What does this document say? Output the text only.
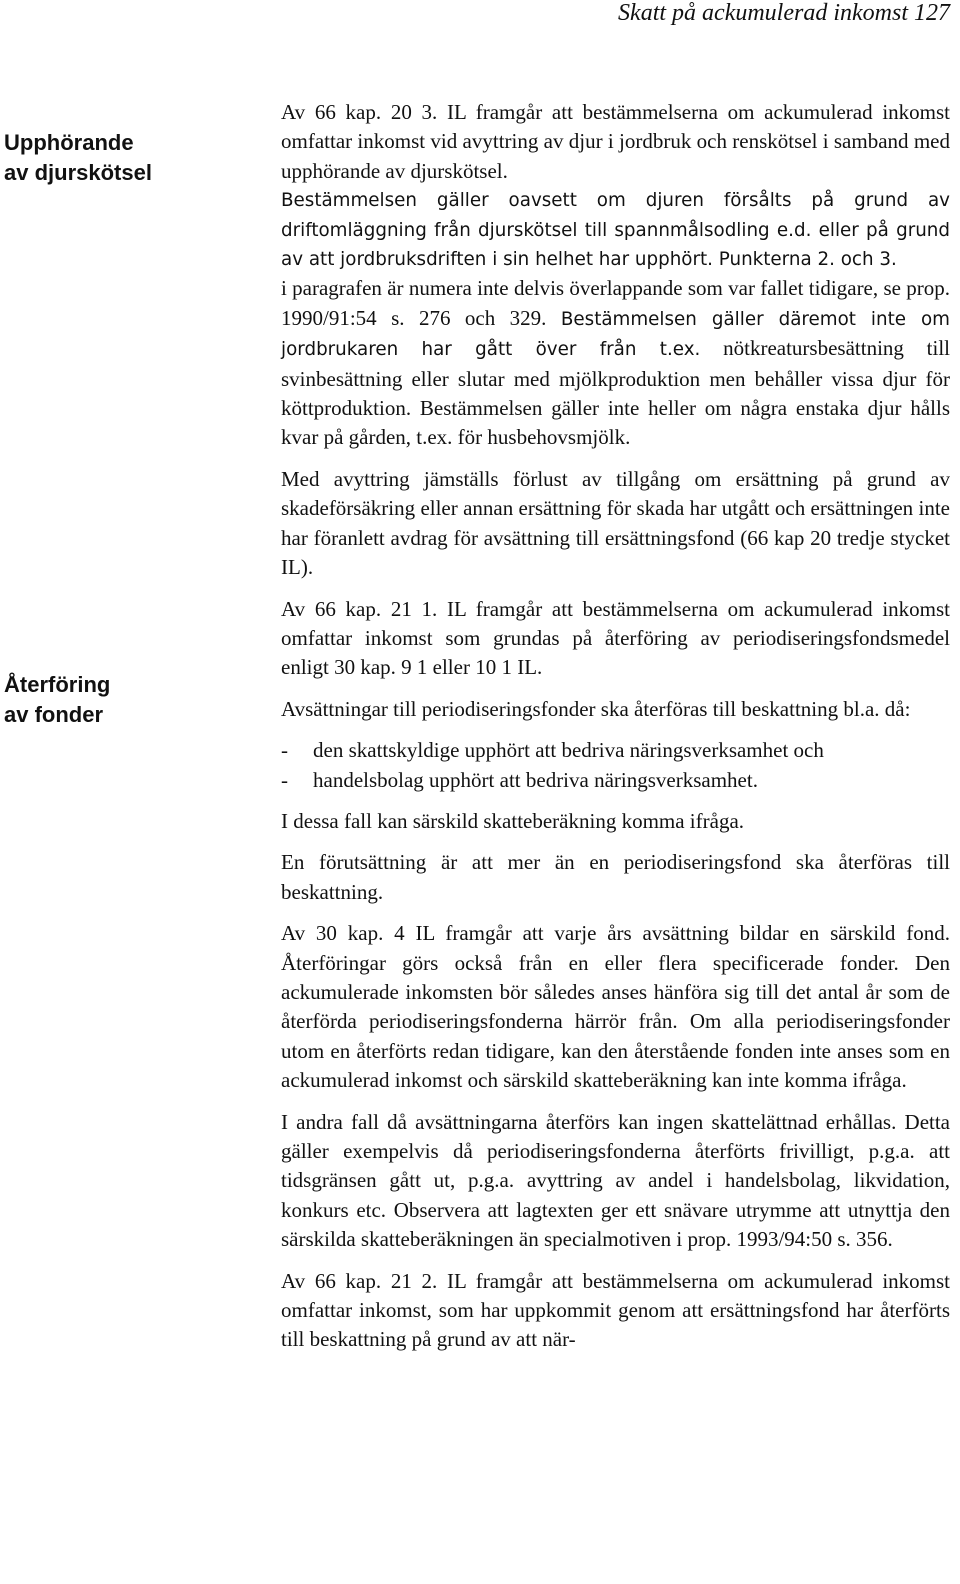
Skatt på ackumulerad inkomst 127
Upphörande
av djurskötsel
Återföring
av fonder

Av 66 kap. 20 3. IL framgår att bestämmelserna om ackumulerad inkomst omfattar inkomst vid avyttring av djur i jordbruk och renskötsel i samband med upphörande av djurskötsel.

Bestämmelsen gäller oavsett om djuren försålts på grund av driftomläggning från djurskötsel till spannmålsodling e.d. eller på grund av att jordbruksdriften i sin helhet har upphört. Punkterna 2. och 3.

i paragrafen är numera inte delvis överlappande som var fallet tidigare, se prop. 1990/91:54 s. 276 och 329. Bestämmelsen gäller däremot inte om jordbrukaren har gått över från t.ex. nötkreatursbesättning till svinbesättning eller slutar med mjölkproduktion men behåller vissa djur för köttproduktion. Bestämmelsen gäller inte heller om några enstaka djur hålls kvar på gården, t.ex. för husbehovsmjölk.

Med avyttring jämställs förlust av tillgång om ersättning på grund av skadeförsäkring eller annan ersättning för skada har utgått och ersättningen inte har föranlett avdrag för avsättning till ersättningsfond (66 kap 20 tredje stycket IL).

Av 66 kap. 21 1. IL framgår att bestämmelserna om ackumulerad inkomst omfattar inkomst som grundas på återföring av periodiseringsfondsmedel enligt 30 kap. 9 1 eller 10 1 IL.

Avsättningar till periodiseringsfonder ska återföras till beskattning bl.a. då:

-	den skattskyldige upphört att bedriva näringsverksamhet och
-	handelsbolag upphört att bedriva näringsverksamhet.

I dessa fall kan särskild skatteberäkning komma ifråga.

En förutsättning är att mer än en periodiseringsfond ska återföras till beskattning.

Av 30 kap. 4 IL framgår att varje års avsättning bildar en särskild fond. Återföringar görs också från en eller flera specificerade fonder. Den ackumulerade inkomsten bör således anses hänföra sig till det antal år som de återförda periodiseringsfonderna härrör från. Om alla periodiseringsfonder utom en återförts redan tidigare, kan den återstående fonden inte anses som en ackumulerad inkomst och särskild skatteberäkning kan inte komma ifråga.

I andra fall då avsättningarna återförs kan ingen skattelättnad erhållas. Detta gäller exempelvis då periodiseringsfonderna återförts frivilligt, p.g.a. att tidsgränsen gått ut, p.g.a. avyttring av andel i handelsbolag, likvidation, konkurs etc. Observera att lagtexten ger ett snävare utrymme att utnyttja den särskilda skatteberäkningen än specialmotiven i prop. 1993/94:50 s. 356.

Av 66 kap. 21 2. IL framgår att bestämmelserna om ackumulerad inkomst omfattar inkomst, som har uppkommit genom att ersättningsfond har återförts till beskattning på grund av att när-
